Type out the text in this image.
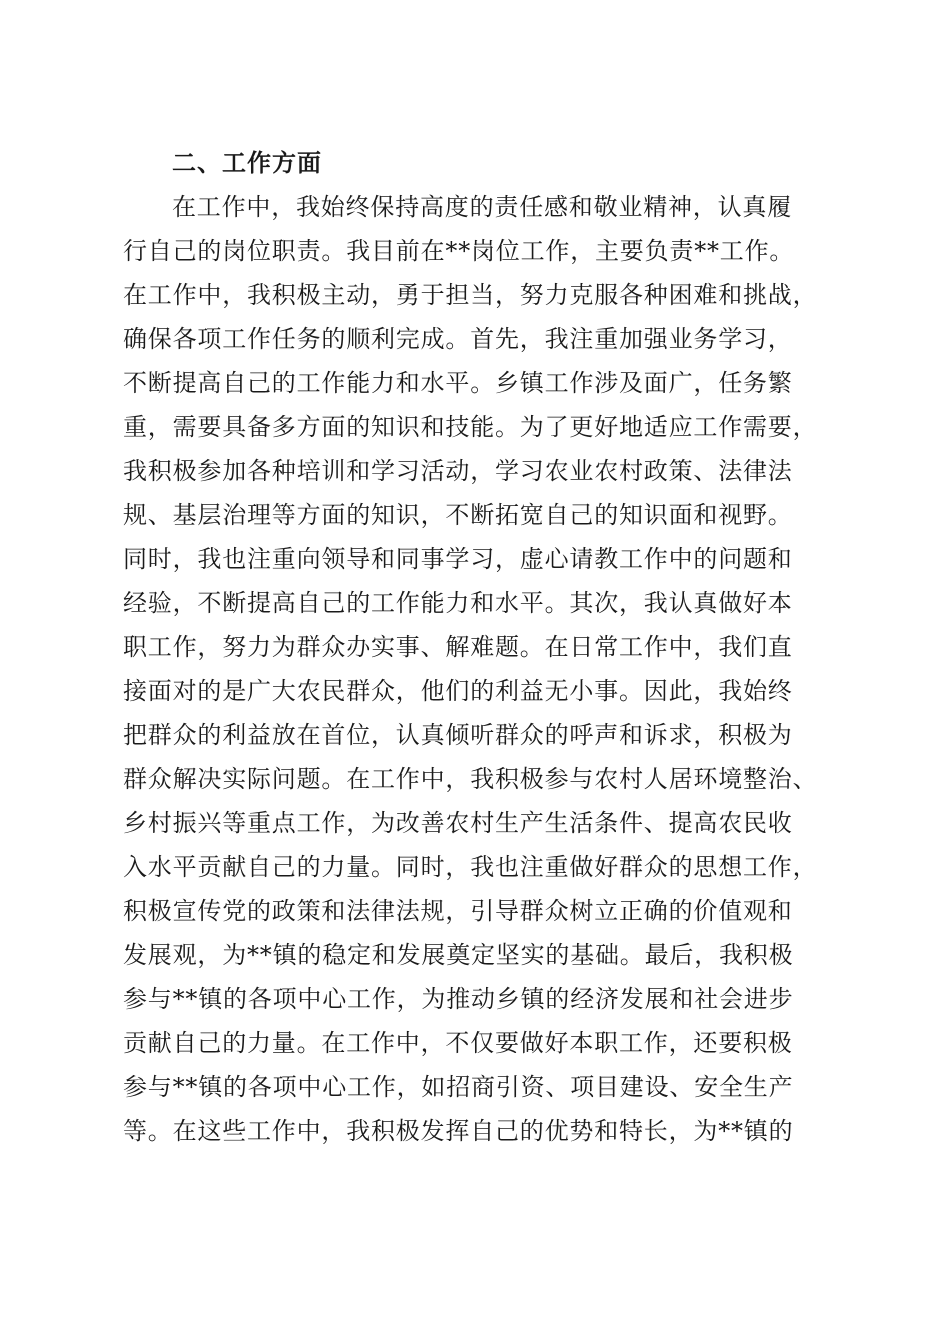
二、工作方面
在工作中，我始终保持高度的责任感和敬业精神，认真履
行自己的岗位职责。我目前在**岗位工作，主要负责**工作。
在工作中，我积极主动，勇于担当，努力克服各种困难和挑战，
确保各项工作任务的顺利完成。首先，我注重加强业务学习，
不断提高自己的工作能力和水平。乡镇工作涉及面广，任务繁
重，需要具备多方面的知识和技能。为了更好地适应工作需要，
我积极参加各种培训和学习活动，学习农业农村政策、法律法
规、基层治理等方面的知识，不断拓宽自己的知识面和视野。
同时，我也注重向领导和同事学习，虚心请教工作中的问题和
经验，不断提高自己的工作能力和水平。其次，我认真做好本
职工作，努力为群众办实事、解难题。在日常工作中，我们直
接面对的是广大农民群众，他们的利益无小事。因此，我始终
把群众的利益放在首位，认真倾听群众的呼声和诉求，积极为
群众解决实际问题。在工作中，我积极参与农村人居环境整治、
乡村振兴等重点工作，为改善农村生产生活条件、提高农民收
入水平贡献自己的力量。同时，我也注重做好群众的思想工作，
积极宣传党的政策和法律法规，引导群众树立正确的价值观和
发展观，为**镇的稳定和发展奠定坚实的基础。最后，我积极
参与**镇的各项中心工作，为推动乡镇的经济发展和社会进步
贡献自己的力量。在工作中，不仅要做好本职工作，还要积极
参与**镇的各项中心工作，如招商引资、项目建设、安全生产
等。在这些工作中，我积极发挥自己的优势和特长，为**镇的
